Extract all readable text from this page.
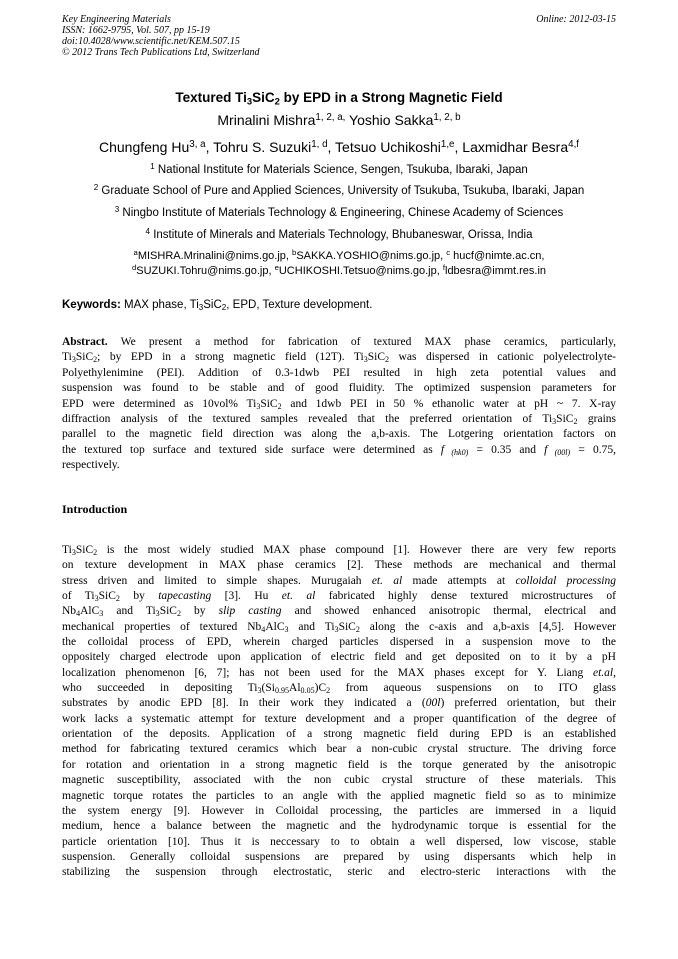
Key Engineering Materials
ISSN: 1662-9795, Vol. 507, pp 15-19
doi:10.4028/www.scientific.net/KEM.507.15
© 2012 Trans Tech Publications Ltd, Switzerland
Online: 2012-03-15
Textured $Ti_3SiC_2$ by EPD in a Strong Magnetic Field
Mrinalini Mishra$^{1, 2, a,}$ Yoshio Sakka$^{1, 2, b}$
Chungfeng Hu$^{3, a}$, Tohru S. Suzuki$^{1, d}$, Tetsuo Uchikoshi$^{1,e}$, Laxmidhar Besra$^{4,f}$
$^1$ National Institute for Materials Science, Sengen, Tsukuba, Ibaraki, Japan
$^2$ Graduate School of Pure and Applied Sciences, University of Tsukuba, Tsukuba, Ibaraki, Japan
$^3$ Ningbo Institute of Materials Technology & Engineering, Chinese Academy of Sciences
$^4$ Institute of Minerals and Materials Technology, Bhubaneswar, Orissa, India
$^a$MISHRA.Mrinalini@nims.go.jp, $^b$SAKKA.YOSHIO@nims.go.jp, $^c$ hucf@nimte.ac.cn,
$^d$SUZUKI.Tohru@nims.go.jp, $^e$UCHIKOSHI.Tetsuo@nims.go.jp, $^f$ldbesra@immt.res.in
Keywords: MAX phase, $Ti_3SiC_2$, EPD, Texture development.
Abstract. We present a method for fabrication of textured MAX phase ceramics, particularly,
$Ti_3SiC_2$; by EPD in a strong magnetic field (12T). $Ti_3SiC_2$ was dispersed in cationic polyelectrolyte-
Polyethylenimine (PEI). Addition of 0.3-1dwb PEI resulted in high zeta potential values and
suspension was found to be stable and of good fluidity. The optimized suspension parameters for
EPD were determined as 10vol% $Ti_3SiC_2$ and 1dwb PEI in 50 % ethanolic water at pH ~ 7. X-ray
diffraction analysis of the textured samples revealed that the preferred orientation of $Ti_3SiC_2$ grains
parallel to the magnetic field direction was along the a,b-axis. The Lotgering orientation factors on
the textured top surface and textured side surface were determined as f $_{(hk0)}$ = 0.35 and f $_{(00l)}$ = 0.75,
respectively.
Introduction
$Ti_3SiC_2$ is the most widely studied MAX phase compound [1]. However there are very few reports
on texture development in MAX phase ceramics [2]. These methods are mechanical and thermal
stress driven and limited to simple shapes. Murugaiah et. al made attempts at colloidal processing
of $Ti_3SiC_2$ by tapecasting [3]. Hu et. al fabricated highly dense textured microstructures of
$Nb_4AlC_3$ and $Ti_3SiC_2$ by slip casting and showed enhanced anisotropic thermal, electrical and
mechanical properties of textured $Nb_4AlC_3$ and $Ti_3SiC_2$ along the c-axis and a,b-axis [4,5]. However
the colloidal process of EPD, wherein charged particles dispersed in a suspension move to the
oppositely charged electrode upon application of electric field and get deposited on to it by a pH
localization phenomenon [6, 7]; has not been used for the MAX phases except for Y. Liang et.al,
who succeeded in depositing $Ti_3(Si_{0.95}Al_{0.05})C_2$ from aqueous suspensions on to ITO glass
substrates by anodic EPD [8]. In their work they indicated a (00l) preferred orientation, but their
work lacks a systematic attempt for texture development and a proper quantification of the degree of
orientation of the deposits. Application of a strong magnetic field during EPD is an established
method for fabricating textured ceramics which bear a non-cubic crystal structure. The driving force
for rotation and orientation in a strong magnetic field is the torque generated by the anisotropic
magnetic susceptibility, associated with the non cubic crystal structure of these materials. This
magnetic torque rotates the particles to an angle with the applied magnetic field so as to minimize
the system energy [9]. However in Colloidal processing, the particles are immersed in a liquid
medium, hence a balance between the magnetic and the hydrodynamic torque is essential for the
particle orientation [10]. Thus it is neccessary to to obtain a well dispersed, low viscose, stable
suspension. Generally colloidal suspensions are prepared by using dispersants which help in
stabilizing the suspension through electrostatic, steric and electro-steric interactions with the
